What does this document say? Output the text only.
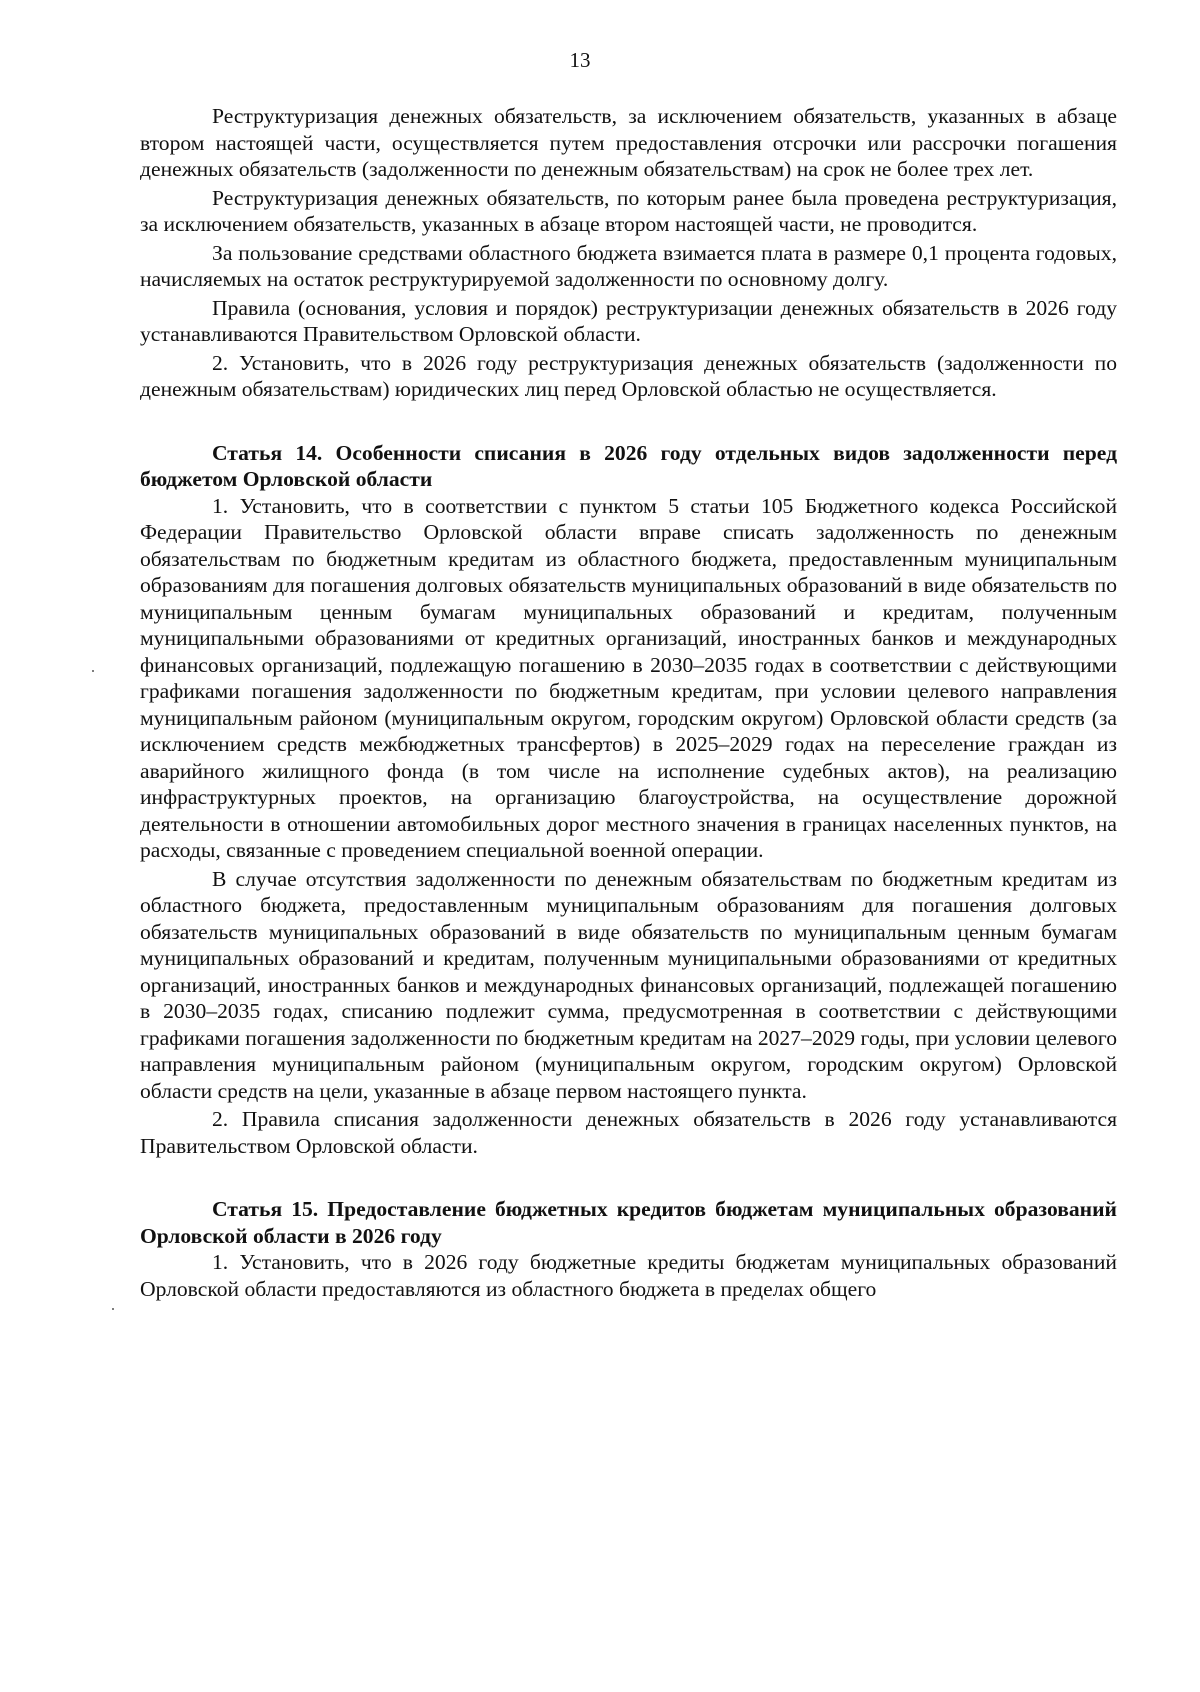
13

Реструктуризация денежных обязательств, за исключением обязательств, указанных в абзаце втором настоящей части, осуществляется путем предоставления отсрочки или рассрочки погашения денежных обязательств (задолженности по денежным обязательствам) на срок не более трех лет.

Реструктуризация денежных обязательств, по которым ранее была проведена реструктуризация, за исключением обязательств, указанных в абзаце втором настоящей части, не проводится.

За пользование средствами областного бюджета взимается плата в размере 0,1 процента годовых, начисляемых на остаток реструктурируемой задолженности по основному долгу.

Правила (основания, условия и порядок) реструктуризации денежных обязательств в 2026 году устанавливаются Правительством Орловской области.

2. Установить, что в 2026 году реструктуризация денежных обязательств (задолженности по денежным обязательствам) юридических лиц перед Орловской областью не осуществляется.

Статья 14. Особенности списания в 2026 году отдельных видов задолженности перед бюджетом Орловской области

1. Установить, что в соответствии с пунктом 5 статьи 105 Бюджетного кодекса Российской Федерации Правительство Орловской области вправе списать задолженность по денежным обязательствам по бюджетным кредитам из областного бюджета, предоставленным муниципальным образованиям для погашения долговых обязательств муниципальных образований в виде обязательств по муниципальным ценным бумагам муниципальных образований и кредитам, полученным муниципальными образованиями от кредитных организаций, иностранных банков и международных финансовых организаций, подлежащую погашению в 2030–2035 годах в соответствии с действующими графиками погашения задолженности по бюджетным кредитам, при условии целевого направления муниципальным районом (муниципальным округом, городским округом) Орловской области средств (за исключением средств межбюджетных трансфертов) в 2025–2029 годах на переселение граждан из аварийного жилищного фонда (в том числе на исполнение судебных актов), на реализацию инфраструктурных проектов, на организацию благоустройства, на осуществление дорожной деятельности в отношении автомобильных дорог местного значения в границах населенных пунктов, на расходы, связанные с проведением специальной военной операции.

В случае отсутствия задолженности по денежным обязательствам по бюджетным кредитам из областного бюджета, предоставленным муниципальным образованиям для погашения долговых обязательств муниципальных образований в виде обязательств по муниципальным ценным бумагам муниципальных образований и кредитам, полученным муниципальными образованиями от кредитных организаций, иностранных банков и международных финансовых организаций, подлежащей погашению в 2030–2035 годах, списанию подлежит сумма, предусмотренная в соответствии с действующими графиками погашения задолженности по бюджетным кредитам на 2027–2029 годы, при условии целевого направления муниципальным районом (муниципальным округом, городским округом) Орловской области средств на цели, указанные в абзаце первом настоящего пункта.

2. Правила списания задолженности денежных обязательств в 2026 году устанавливаются Правительством Орловской области.

Статья 15. Предоставление бюджетных кредитов бюджетам муниципальных образований Орловской области в 2026 году

1. Установить, что в 2026 году бюджетные кредиты бюджетам муниципальных образований Орловской области предоставляются из областного бюджета в пределах общего
